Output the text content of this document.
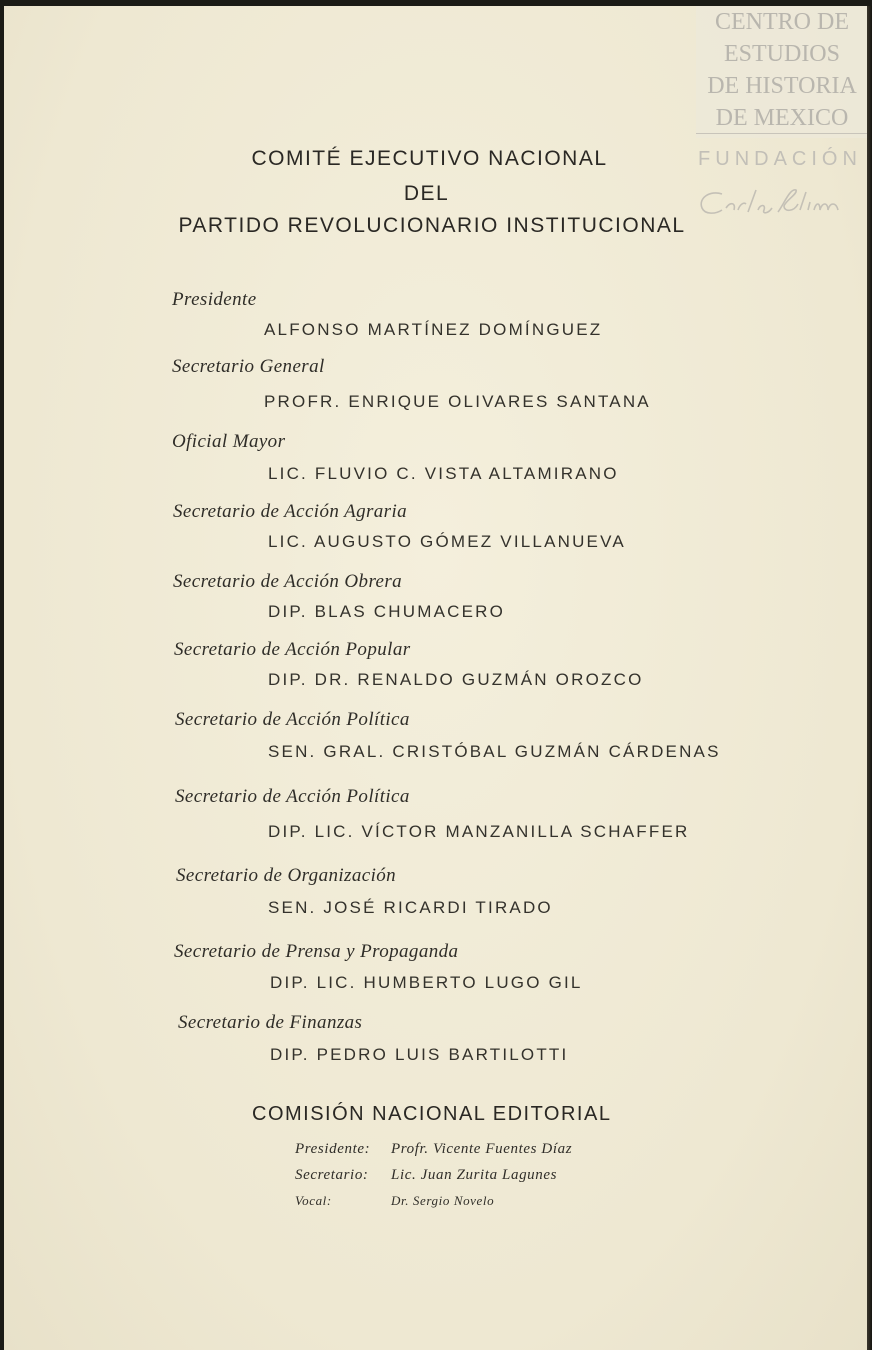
CENTRO DE
ESTUDIOS
DE HISTORIA
DE MEXICO
FUNDACIÓN
COMITÉ EJECUTIVO NACIONAL
DEL
PARTIDO REVOLUCIONARIO INSTITUCIONAL
Presidente
ALFONSO MARTÍNEZ DOMÍNGUEZ
Secretario General
PROFR. ENRIQUE OLIVARES SANTANA
Oficial Mayor
LIC. FLUVIO C. VISTA ALTAMIRANO
Secretario de Acción Agraria
LIC. AUGUSTO GÓMEZ VILLANUEVA
Secretario de Acción Obrera
DIP. BLAS CHUMACERO
Secretario de Acción Popular
DIP. DR. RENALDO GUZMÁN OROZCO
Secretario de Acción Política
SEN. GRAL. CRISTÓBAL GUZMÁN CÁRDENAS
Secretario de Acción Política
DIP. LIC. VÍCTOR MANZANILLA SCHAFFER
Secretario de Organización
SEN. JOSÉ RICARDI TIRADO
Secretario de Prensa y Propaganda
DIP. LIC. HUMBERTO LUGO GIL
Secretario de Finanzas
DIP. PEDRO LUIS BARTILOTTI
COMISIÓN NACIONAL EDITORIAL
Presidente: Profr. Vicente Fuentes Díaz
Secretario: Lic. Juan Zurita Lagunes
Vocal:	Dr. Sergio Novelo
